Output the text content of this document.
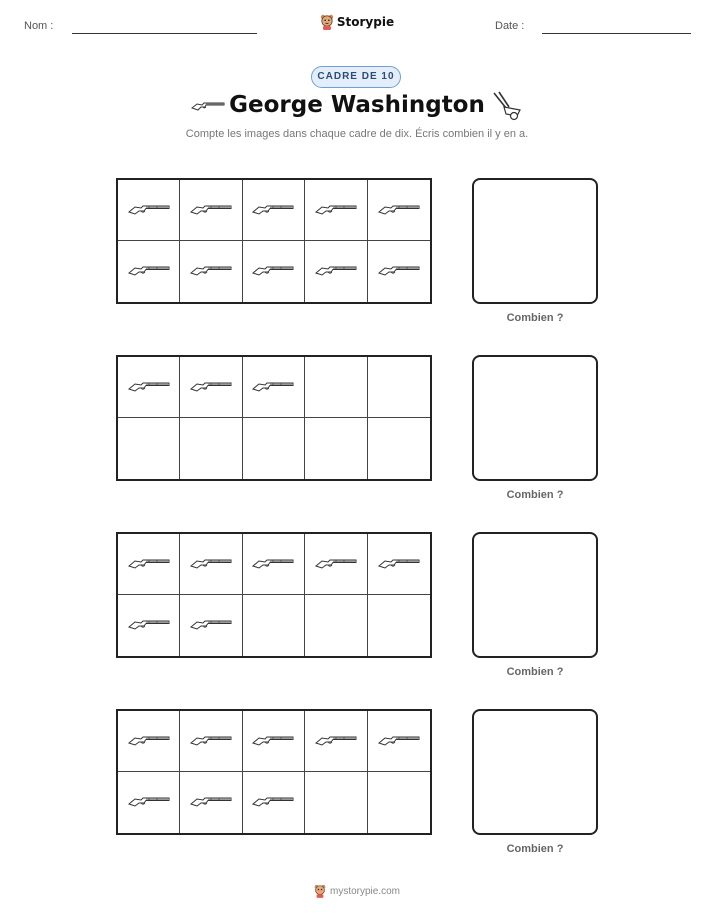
Nom :	Storypie	Date :
CADRE DE 10
George Washington
Compte les images dans chaque cadre de dix. Écris combien il y en a.
Combien ?
Combien ?
Combien ?
Combien ?
mystorypie.com
